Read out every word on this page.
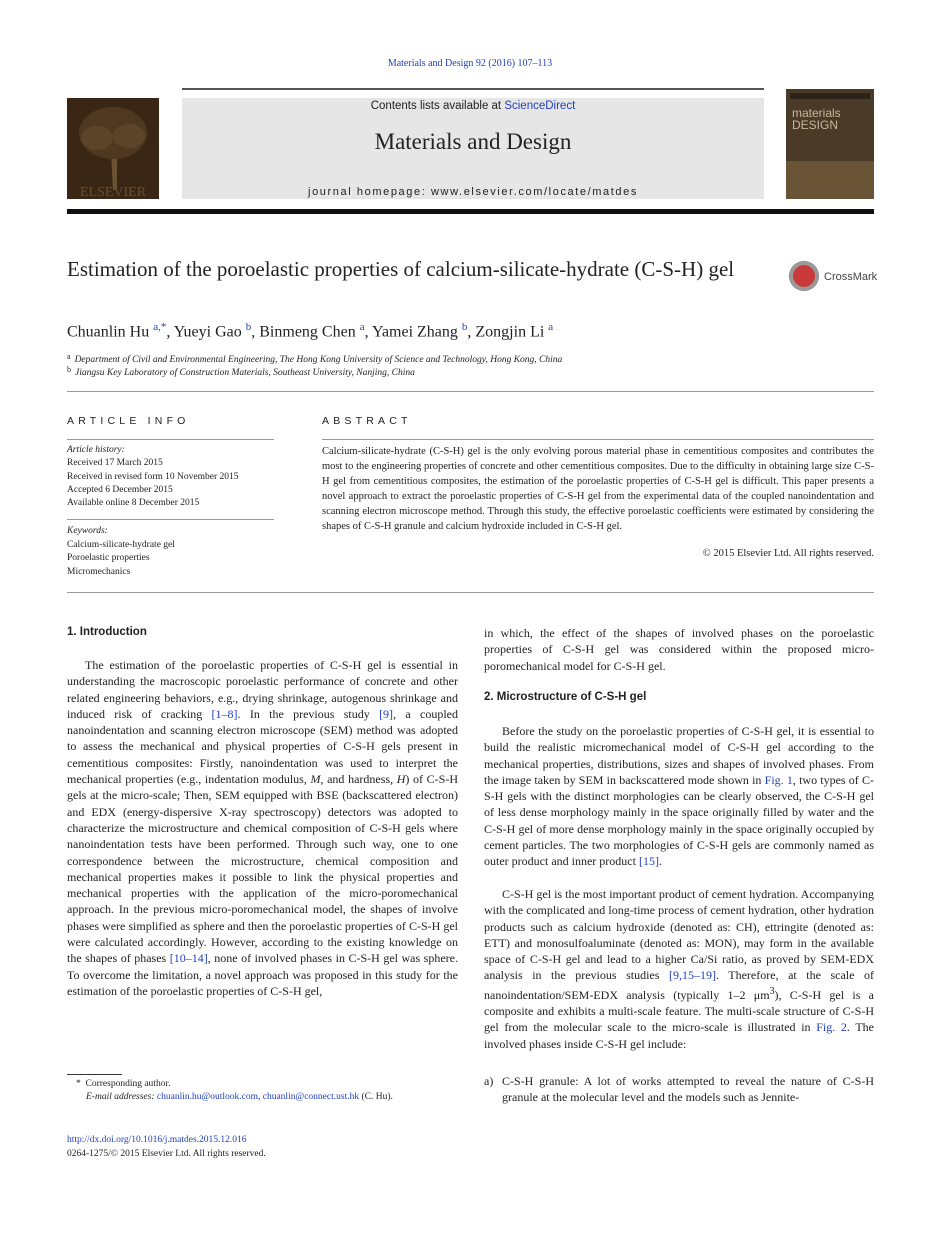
Materials and Design 92 (2016) 107–113
ELSEVIER
Contents lists available at ScienceDirect
Materials and Design
journal homepage: www.elsevier.com/locate/matdes
materials
DESIGN
Estimation of the poroelastic properties of calcium-silicate-hydrate (C-S-H) gel	CrossMark
Chuanlin Hu $^{a,*}$, Yueyi Gao $^b$, Binmeng Chen $^a$, Yamei Zhang $^b$, Zongjin Li $^a$
$^a$ Department of Civil and Environmental Engineering, The Hong Kong University of Science and Technology, Hong Kong, China
$^b$ Jiangsu Key Laboratory of Construction Materials, Southeast University, Nanjing, China
ARTICLE INFO	ABSTRACT
Article history:
Received 17 March 2015
Received in revised form 10 November 2015
Accepted 6 December 2015
Available online 8 December 2015
Keywords:
Calcium-silicate-hydrate gel
Poroelastic properties
Micromechanics
Calcium-silicate-hydrate (C-S-H) gel is the only evolving porous material phase in cementitious composites and contributes the most to the engineering properties of concrete and other cementitious composites. Due to the difficulty in obtaining large size C-S-H gel from cementitious composites, the estimation of the poroelastic properties of C-S-H gel is difficult. This paper presents a novel approach to extract the poroelastic properties of C-S-H gel from the experimental data of the coupled nanoindentation and scanning electron microscope method. Through this study, the effective poroelastic coefficients were estimated by considering the shapes of C-S-H granule and calcium hydroxide included in C-S-H gel.
© 2015 Elsevier Ltd. All rights reserved.
1. Introduction
The estimation of the poroelastic properties of C-S-H gel is essential in understanding the macroscopic poroelastic performance of concrete and other related engineering behaviors, e.g., drying shrinkage, autogenous shrinkage and induced risk of cracking [1–8]. In the previous study [9], a coupled nanoindentation and scanning electron microscope (SEM) method was adopted to assess the mechanical and physical properties of C-S-H gels present in cementitious composites: Firstly, nanoindentation was used to interpret the mechanical properties (e.g., indentation modulus, M, and hardness, H) of C-S-H gels at the micro-scale; Then, SEM equipped with BSE (backscattered electron) and EDX (energy-dispersive X-ray spectroscopy) detectors was adopted to characterize the microstructure and chemical composition of C-S-H gels where nanoindentation tests have been performed. Through such way, one to one correspondence between the microstructure, chemical composition and mechanical properties makes it possible to link the physical properties and mechanical properties with the application of the micro-poromechanical approach. In the previous micro-poromechanical model, the shapes of involve phases were simplified as sphere and then the poroelastic properties of C-S-H gel were calculated accordingly. However, according to the existing knowledge on the shapes of phases [10–14], none of involved phases in C-S-H gel was sphere. To overcome the limitation, a novel approach was proposed in this study for the estimation of the poroelastic properties of C-S-H gel,
in which, the effect of the shapes of involved phases on the poroelastic properties of C-S-H gel was considered within the proposed micro-poromechanical model for C-S-H gel.
2. Microstructure of C-S-H gel
Before the study on the poroelastic properties of C-S-H gel, it is essential to build the realistic micromechanical model of C-S-H gel according to the mechanical properties, distributions, sizes and shapes of involved phases. From the image taken by SEM in backscattered mode shown in Fig. 1, two types of C-S-H gels with the distinct morphologies can be clearly observed, the C-S-H gel of less dense morphology mainly in the space originally filled by water and the C-S-H gel of more dense morphology mainly in the space originally occupied by cement particles. The two morphologies of C-S-H gels are commonly named as outer product and inner product [15].
C-S-H gel is the most important product of cement hydration. Accompanying with the complicated and long-time process of cement hydration, other hydration products such as calcium hydroxide (denoted as: CH), ettringite (denoted as: ETT) and monosulfoaluminate (denoted as: MON), may form in the available space of C-S-H gel and lead to a higher Ca/Si ratio, as proved by SEM-EDX analysis in the previous studies [9,15–19]. Therefore, at the scale of nanoindentation/SEM-EDX analysis (typically 1–2 $\mu m^3$), C-S-H gel is a composite and exhibits a multi-scale feature. The multi-scale structure of C-S-H gel from the molecular scale to the micro-scale is illustrated in Fig. 2. The involved phases inside C-S-H gel include:
a) C-S-H granule: A lot of works attempted to reveal the nature of C-S-H granule at the molecular level and the models such as Jennite-
* Corresponding author.
E-mail addresses: chuanlin.hu@outlook.com, chuanlin@connect.ust.hk (C. Hu).
http://dx.doi.org/10.1016/j.matdes.2015.12.016
0264-1275/© 2015 Elsevier Ltd. All rights reserved.
